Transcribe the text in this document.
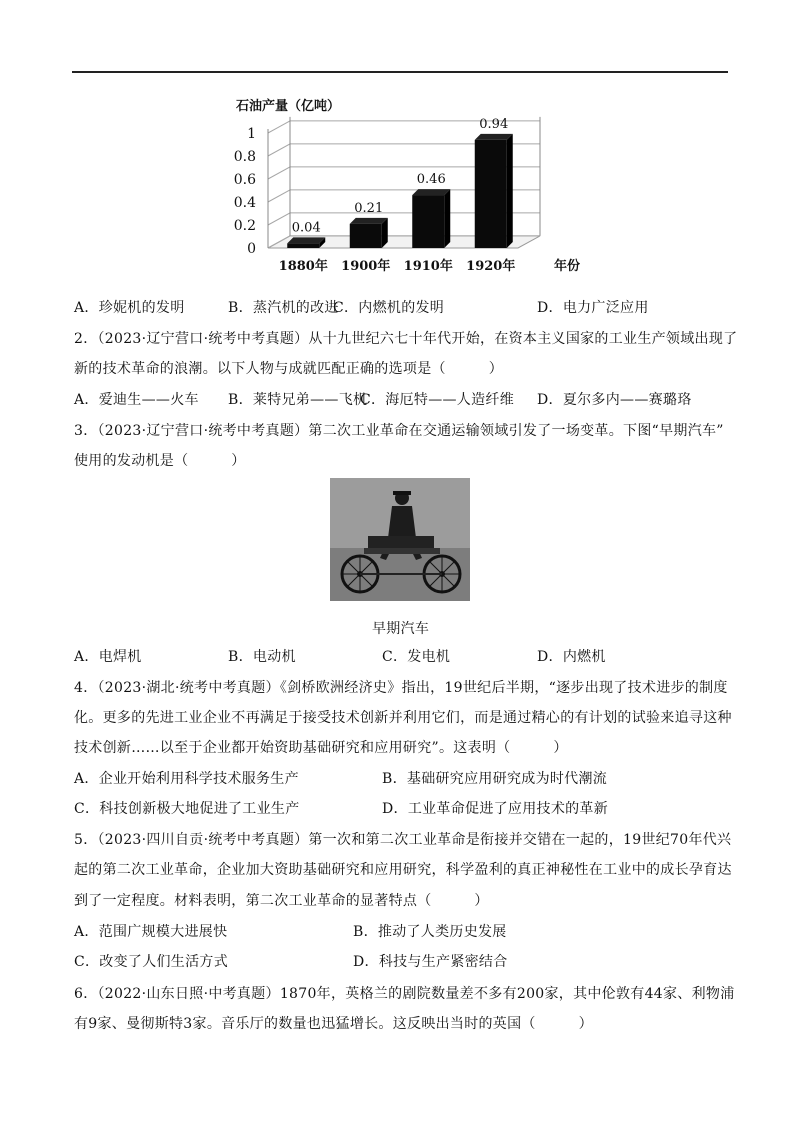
0
0.2
0.4
0.6
0.8
1
石油产量（亿吨）
0.04
1880年
0.21
1900年
0.46
1910年
0.94
1920年	年份
A．珍妮机的发明	B．蒸汽机的改进
C．内燃机的发明	D．电力广泛应用
2．（2023·辽宁营口·统考中考真题）从十九世纪六七十年代开始，在资本主义国家的工业生产领域出现了
新的技术革命的浪潮。以下人物与成就匹配正确的选项是（　　　）
A．爱迪生——火车 B．莱特兄弟——飞机
C．海厄特——人造纤维 D．夏尔多内——赛璐珞
3．（2023·辽宁营口·统考中考真题）第二次工业革命在交通运输领域引发了一场变革。下图“早期汽车”
使用的发动机是（　　　）
早期汽车
A．电焊机	B．电动机	C．发电机	D．内燃机
4．（2023·湖北·统考中考真题）《剑桥欧洲经济史》指出，19世纪后半期，“逐步出现了技术进步的制度
化。更多的先进工业企业不再满足于接受技术创新并利用它们，而是通过精心的有计划的试验来追寻这种
技术创新……以至于企业都开始资助基础研究和应用研究”。这表明（　　　）
A．企业开始利用科学技术服务生产	B．基础研究应用研究成为时代潮流
C．科技创新极大地促进了工业生产	D．工业革命促进了应用技术的革新
5．（2023·四川自贡·统考中考真题）第一次和第二次工业革命是衔接并交错在一起的，19世纪70年代兴
起的第二次工业革命，企业加大资助基础研究和应用研究，科学盈利的真正神秘性在工业中的成长孕育达
到了一定程度。材料表明，第二次工业革命的显著特点（　　　）
A．范围广规模大进展快	B．推动了人类历史发展
C．改变了人们生活方式	D．科技与生产紧密结合
6．（2022·山东日照·中考真题）1870年，英格兰的剧院数量差不多有200家，其中伦敦有44家、利物浦
有9家、曼彻斯特3家。音乐厅的数量也迅猛增长。这反映出当时的英国（　　　）
